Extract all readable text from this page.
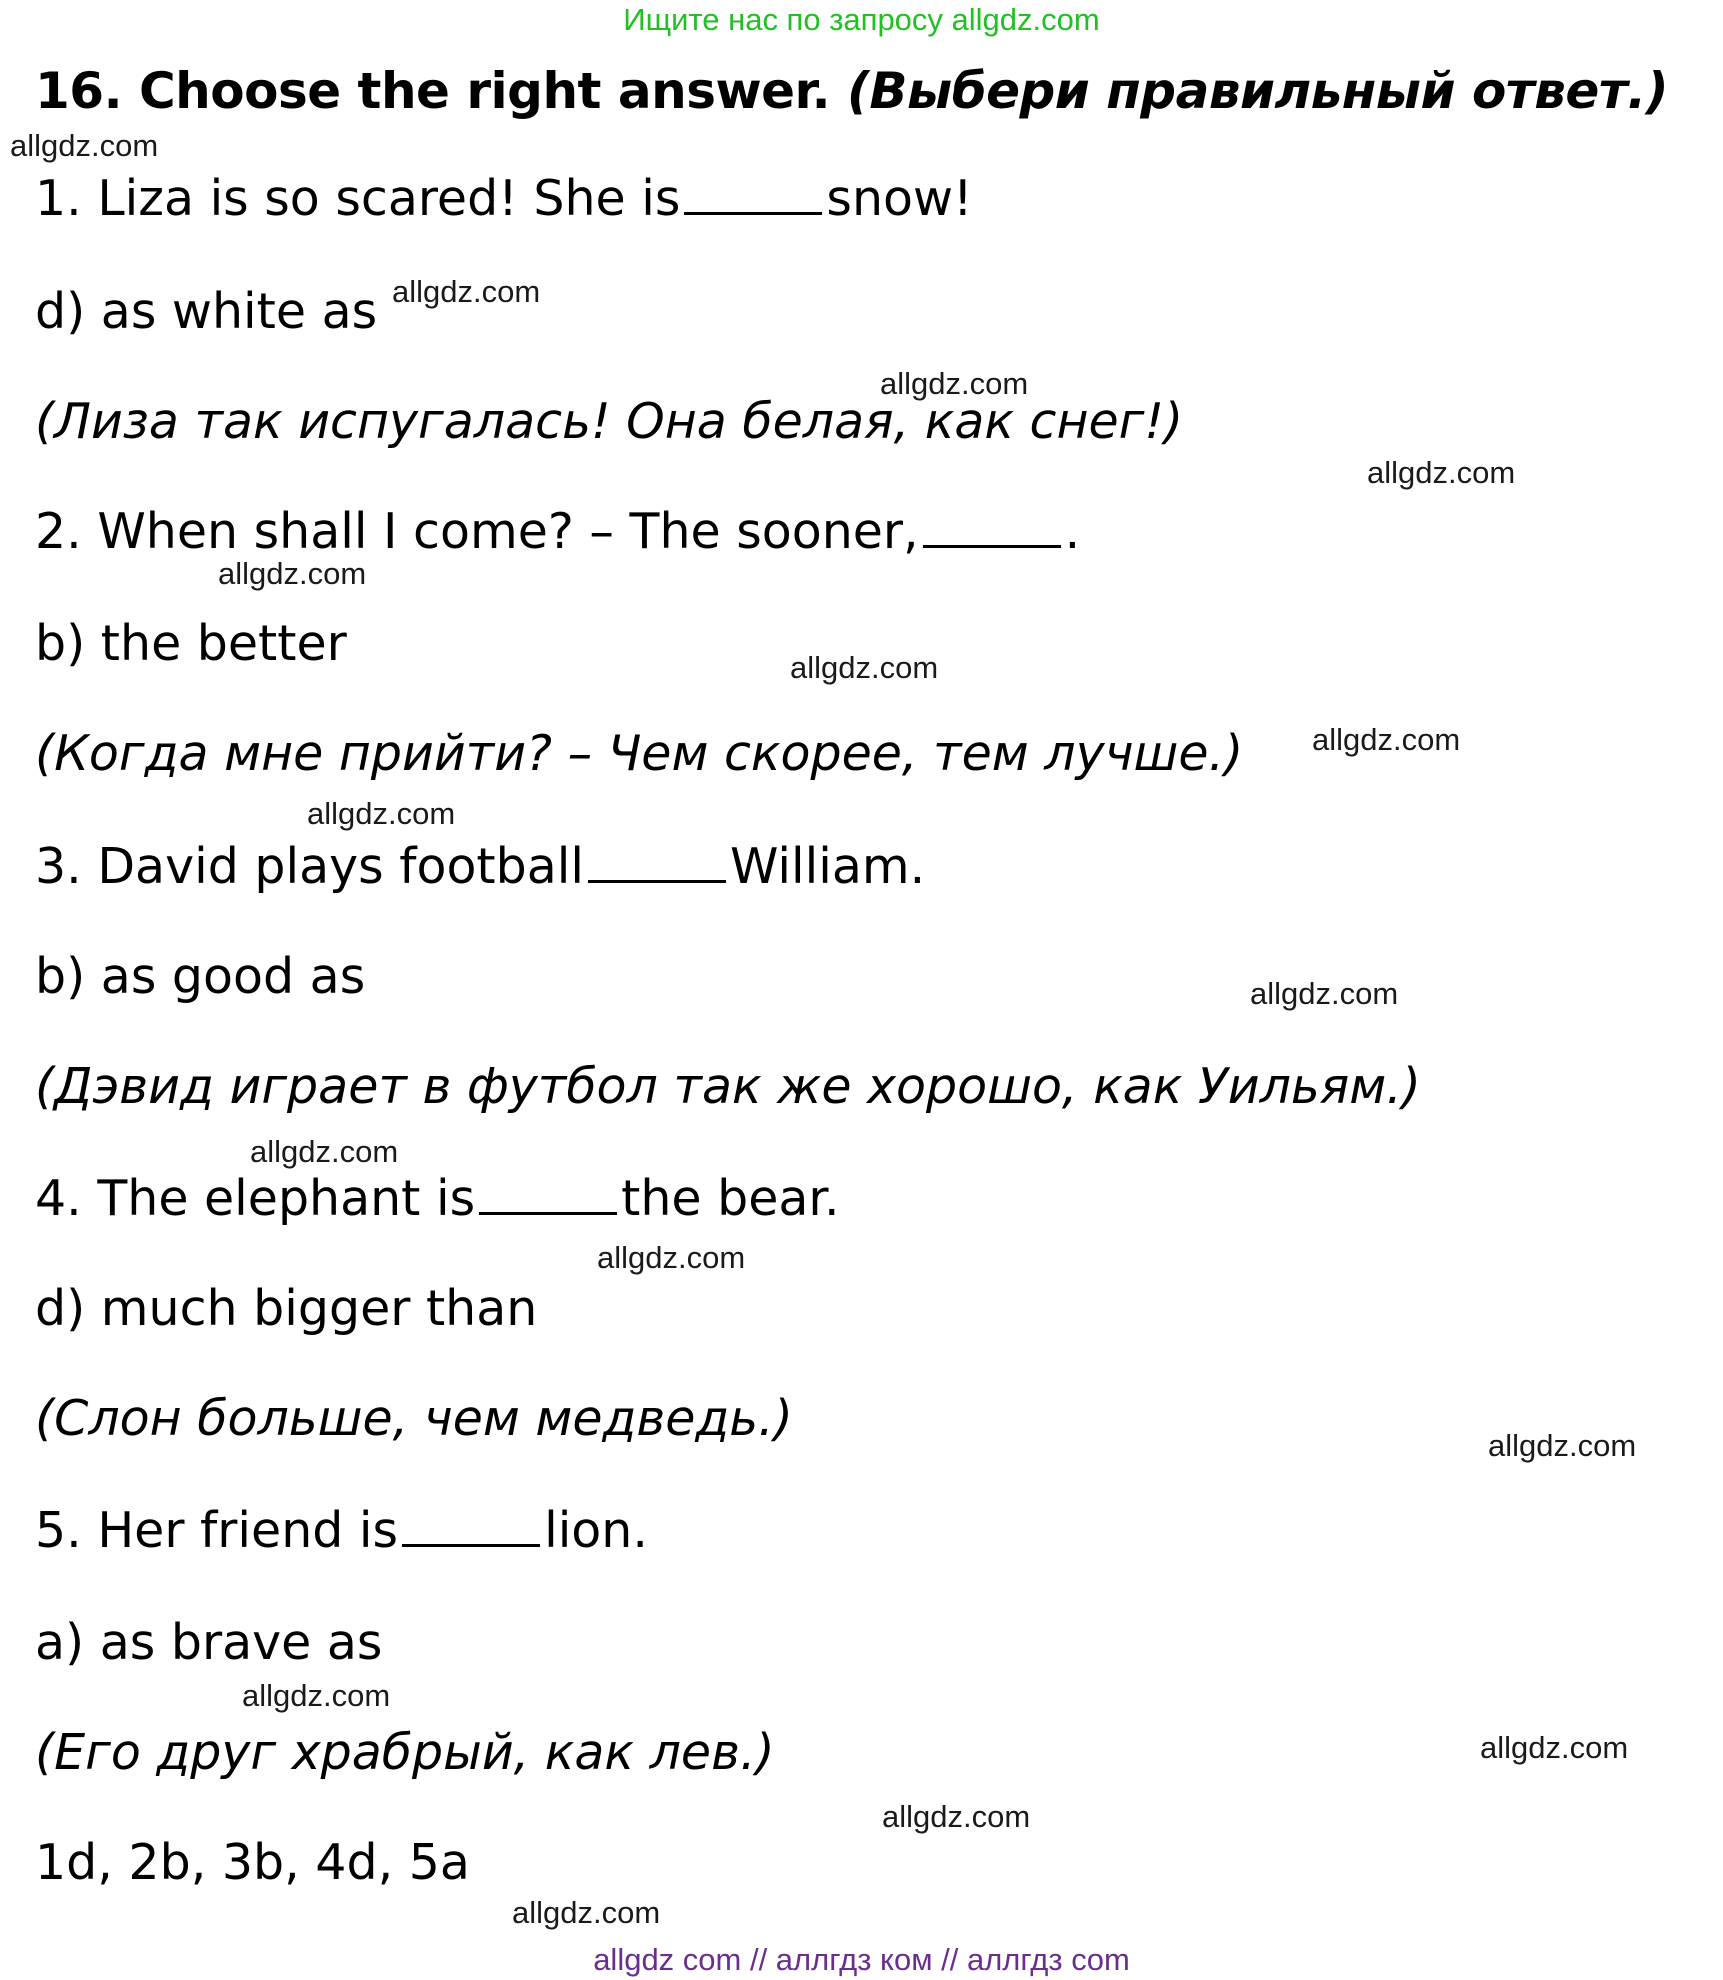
Ищите нас по запросу allgdz.com
16. Choose the right answer. (Выбери правильный ответ.)
1. Liza is so scared! She is	snow!
d) as white as
(Лиза так испугалась! Она белая, как снег!)
2. When shall I come? – The sooner,	.
b) the better
(Когда мне прийти? – Чем скорее, тем лучше.)
3. David plays football	William.
b) as good as
(Дэвид играет в футбол так же хорошо, как Уильям.)
4. The elephant is	the bear.
d) much bigger than
(Слон больше, чем медведь.)
5. Her friend is	lion.
a) as brave as
(Его друг храбрый, как лев.)
1d, 2b, 3b, 4d, 5a
allgdz.com
allgdz.com
allgdz.com
allgdz.com
allgdz.com
allgdz.com
allgdz.com
allgdz.com
allgdz.com
allgdz.com
allgdz.com
allgdz.com
allgdz.com
allgdz.com
allgdz.com
allgdz.com
allgdz com // аллгдз ком // аллгдз com
